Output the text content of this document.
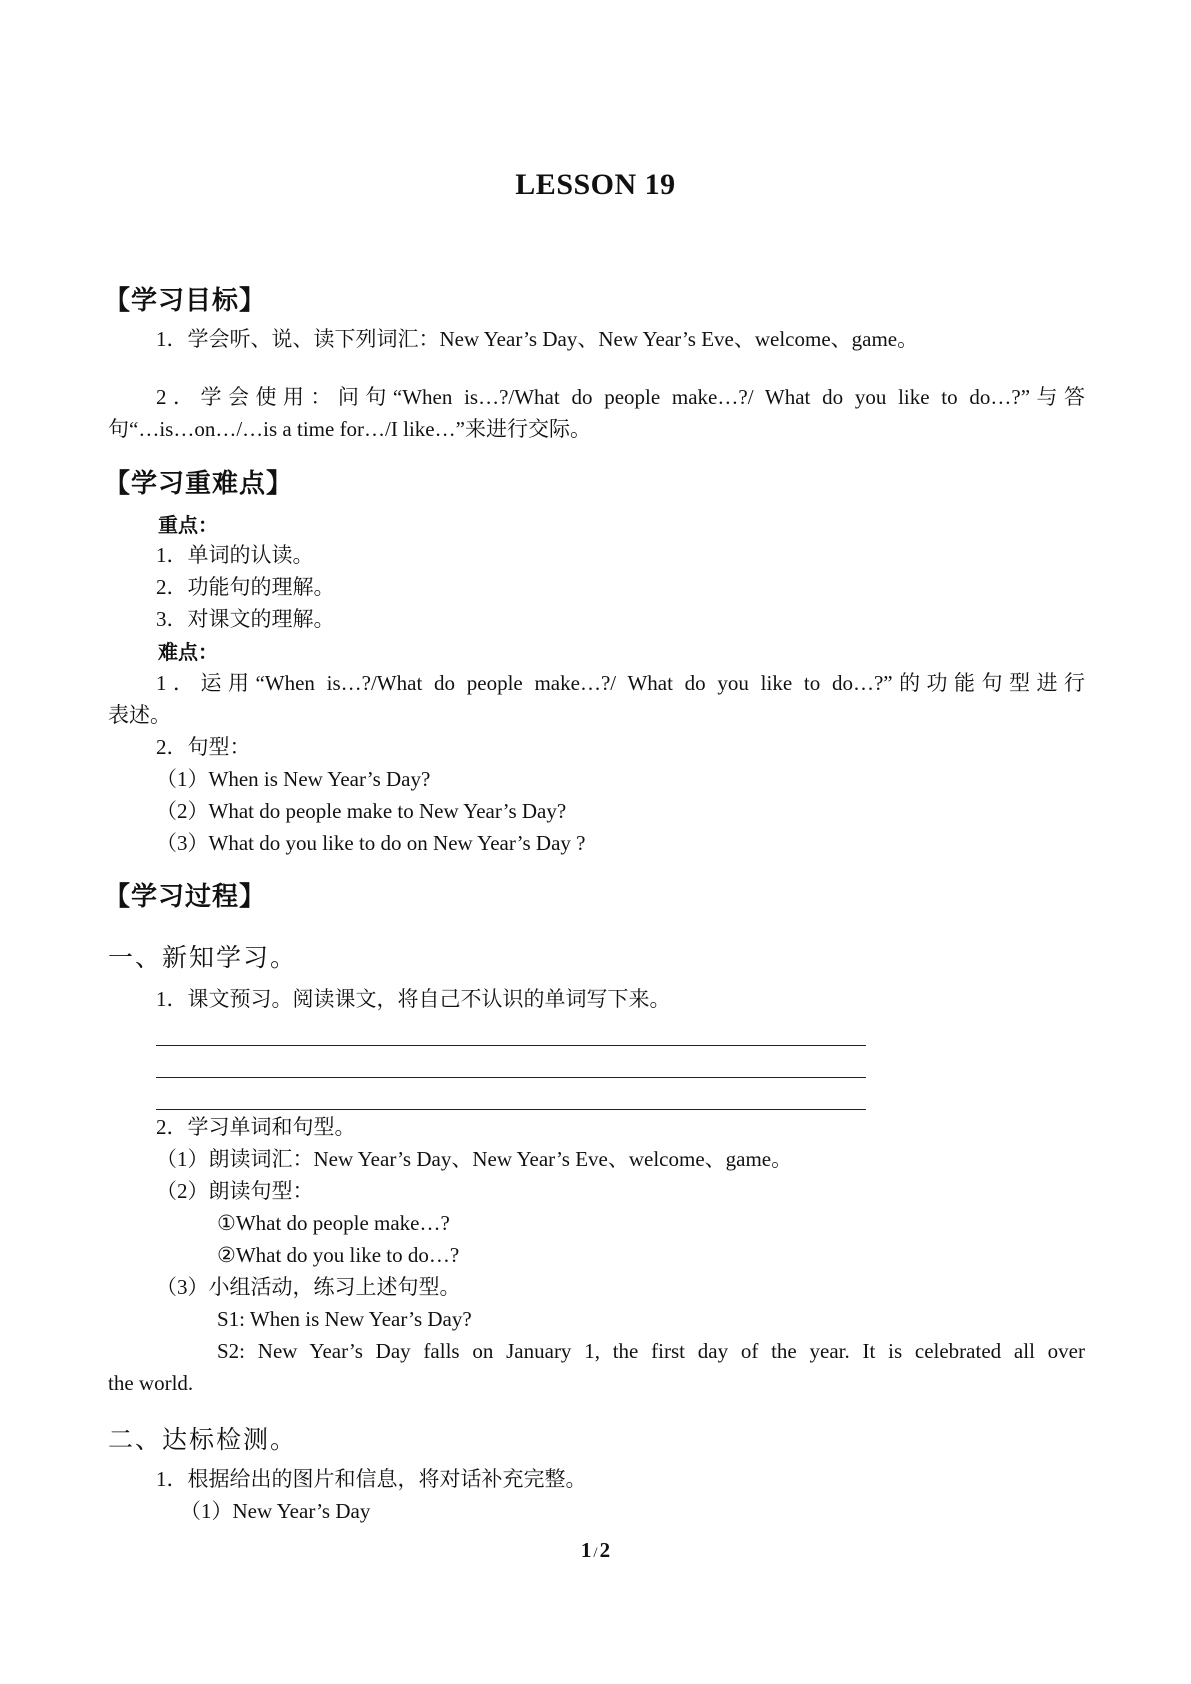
LESSON 19
【学习目标】
1．学会听、说、读下列词汇：New Year’s Day、New Year’s Eve、welcome、game。
2．学会使用：问句“When is…?/What do people make…?/ What do you like to do…?”与答
句“…is…on…/…is a time for…/I like…”来进行交际。
【学习重难点】
重点：
1．单词的认读。
2．功能句的理解。
3．对课文的理解。
难点：
1．运用“When is…?/What do people make…?/ What do you like to do…?”的功能句型进行
表述。
2．句型：
（1）When is New Year’s Day?
（2）What do people make to New Year’s Day?
（3）What do you like to do on New Year’s Day ?
【学习过程】
一、新知学习。
1．课文预习。阅读课文，将自己不认识的单词写下来。
2．学习单词和句型。
（1）朗读词汇：New Year’s Day、New Year’s Eve、welcome、game。
（2）朗读句型：
①What do people make…?
②What do you like to do…?
（3）小组活动，练习上述句型。
S1: When is New Year’s Day?
S2: New Year’s Day falls on January 1, the first day of the year. It is celebrated all over
the world.
二、达标检测。
1．根据给出的图片和信息，将对话补充完整。
（1）New Year’s Day
1 /2
